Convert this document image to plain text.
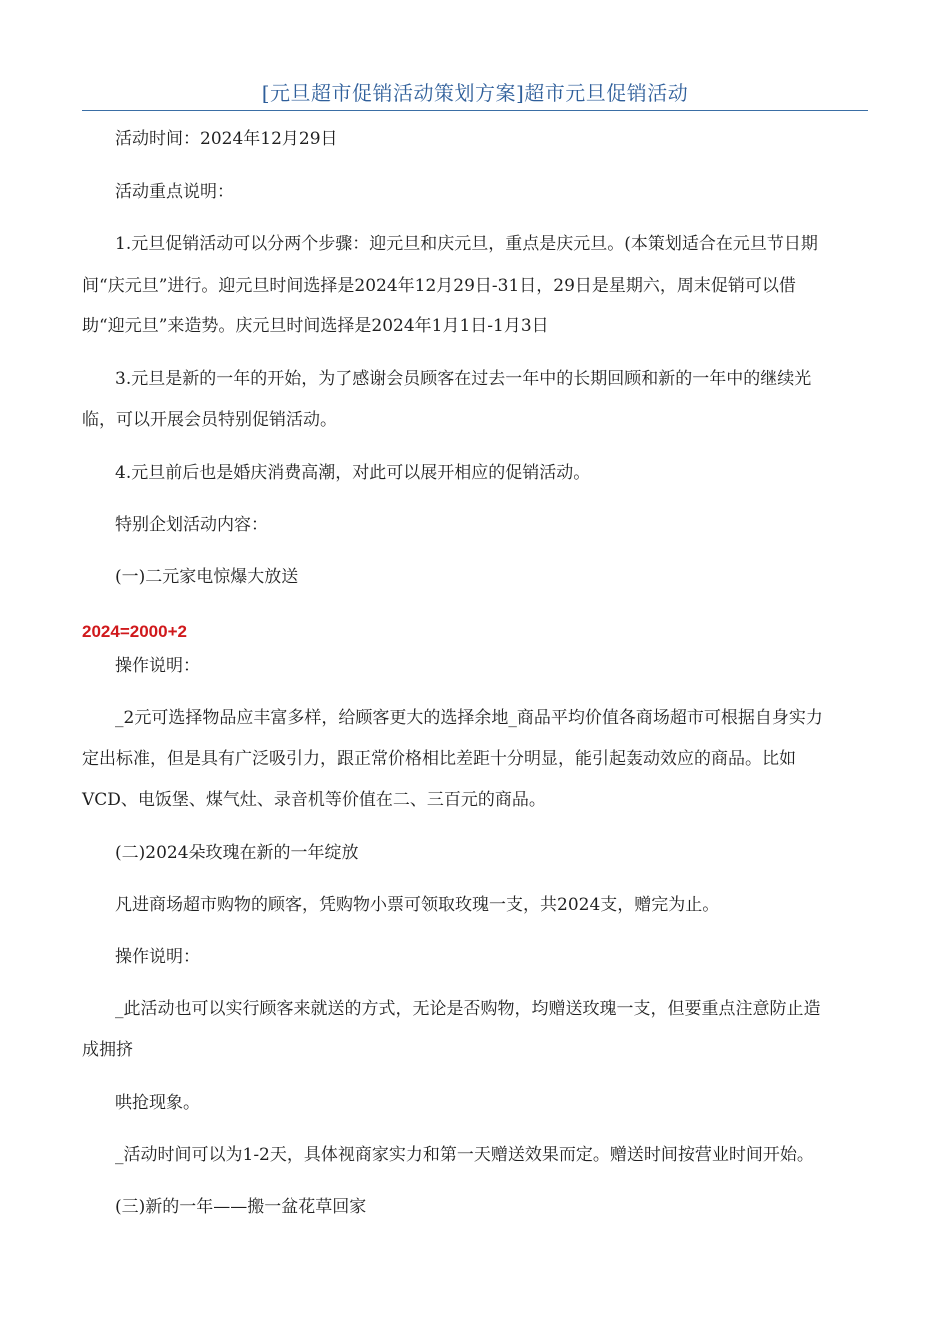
[元旦超市促销活动策划方案]超市元旦促销活动
活动时间：2024年12月29日
活动重点说明：
1.元旦促销活动可以分两个步骤：迎元旦和庆元旦，重点是庆元旦。(本策划适合在元旦节日期
间“庆元旦”进行。迎元旦时间选择是2024年12月29日-31日，29日是星期六，周末促销可以借
助“迎元旦”来造势。庆元旦时间选择是2024年1月1日-1月3日
3.元旦是新的一年的开始，为了感谢会员顾客在过去一年中的长期回顾和新的一年中的继续光
临，可以开展会员特别促销活动。
4.元旦前后也是婚庆消费高潮，对此可以展开相应的促销活动。
特别企划活动内容：
(一)二元家电惊爆大放送
2024=2000+2
操作说明：
_2元可选择物品应丰富多样，给顾客更大的选择余地_商品平均价值各商场超市可根据自身实力
定出标准，但是具有广泛吸引力，跟正常价格相比差距十分明显，能引起轰动效应的商品。比如
VCD、电饭堡、煤气灶、录音机等价值在二、三百元的商品。
(二)2024朵玫瑰在新的一年绽放
凡进商场超市购物的顾客，凭购物小票可领取玫瑰一支，共2024支，赠完为止。
操作说明：
_此活动也可以实行顾客来就送的方式，无论是否购物，均赠送玫瑰一支，但要重点注意防止造
成拥挤
哄抢现象。
_活动时间可以为1-2天，具体视商家实力和第一天赠送效果而定。赠送时间按营业时间开始。
(三)新的一年——搬一盆花草回家
